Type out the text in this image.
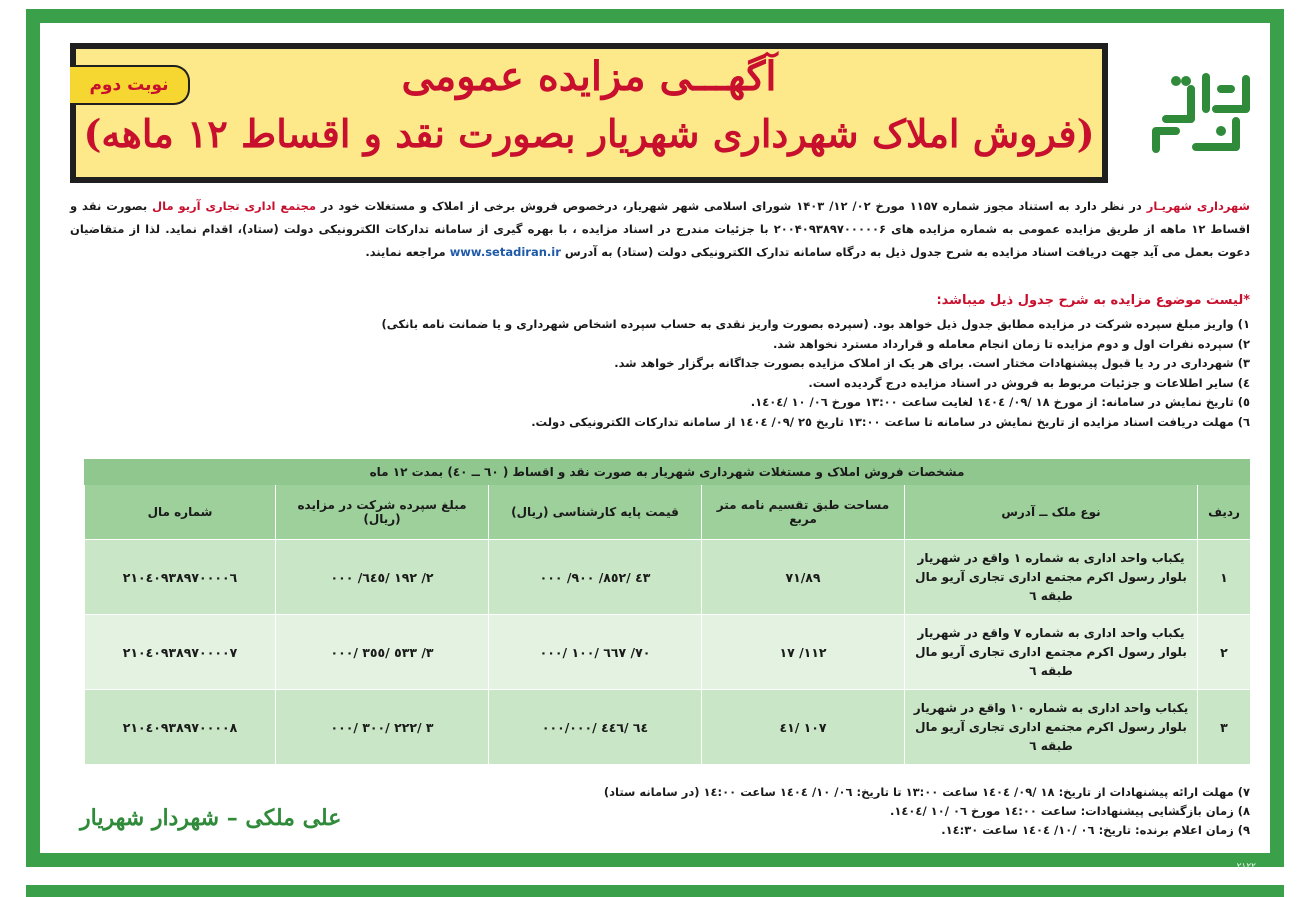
آگهـــی مزایده عمومی
(فروش املاک شهرداری شهریار بصورت نقد و اقساط ۱۲ ماهه)
نوبت دوم
شهرداری شهریـار در نظر دارد به استناد مجوز شماره ۱۱۵۷ مورخ ۰۲/ ۱۲/ ۱۴۰۳ شورای اسلامی شهر شهریار، درخصوص فروش برخی از املاک و مستغلات خود در مجتمع اداری تجاری آریو مال بصورت نقد و اقساط ۱۲ ماهه از طریق مزایده عمومی به شماره مزایده های ۲۰۰۴۰۹۳۸۹۷۰۰۰۰۰۶ با جزئیات مندرج در اسناد مزایده ، با بهره گیری از سامانه تدارکات الکترونیکی دولت (ستاد)، اقدام نماید. لذا از متقاضیان دعوت بعمل می آید جهت دریافت اسناد مزایده به شرح جدول ذیل به درگاه سامانه تدارک الکترونیکی دولت (ستاد) به آدرس www.setadiran.ir مراجعه نمایند.
*لیست موضوع مزایده به شرح جدول ذیل میباشد:
۱) واریز مبلغ سپرده شرکت در مزایده مطابق جدول ذیل خواهد بود. (سپرده بصورت واریز نقدی به حساب سپرده اشخاص شهرداری و یا ضمانت نامه بانکی)
۲) سپرده نفرات اول و دوم مزایده تا زمان انجام معامله و قرارداد مسترد نخواهد شد.
۳) شهرداری در رد یا قبول پیشنهادات مختار است. برای هر یک از املاک مزایده بصورت جداگانه برگزار خواهد شد.
٤) سایر اطلاعات و جزئیات مربوط به فروش در اسناد مزایده درج گردیده است.
٥) تاریخ نمایش در سامانه: از مورخ ۱۸ /۰۹/ ۱٤۰٤ لغایت ساعت ۱۳:۰۰ مورخ ۰٦/ ۱۰ /۱٤۰٤.
٦) مهلت دریافت اسناد مزایده از تاریخ نمایش در سامانه تا ساعت ۱۳:۰۰ تاریخ ۲٥ /۰۹/ ۱٤۰٤ از سامانه تدارکات الکترونیکی دولت.
مشخصات فروش املاک و مستغلات شهرداری شهریار به صورت نقد و اقساط ( ٦۰ ــ ٤۰) بمدت ۱۲ ماه
ردیف	نوع ملک ــ آدرس	مساحت طبق تقسیم نامه متر مربع	قیمت پایه کارشناسی (ریال)	مبلغ سپرده شرکت در مزایده (ریال)	شماره مال
۱	یکباب واحد اداری به شماره ۱ واقع در شهریار بلوار رسول اکرم مجتمع اداری تجاری آریو مال طبقه ٦	۷۱/۸۹	٤۳ /۸٥۲/ ۹۰۰/ ۰۰۰	۲/ ۱۹۲ /٦٤٥/ ۰۰۰	۲۱۰٤۰۹۳۸۹۷۰۰۰۰٦
۲	یکباب واحد اداری به شماره ۷ واقع در شهریار بلوار رسول اکرم مجتمع اداری تجاری آریو مال طبقه ٦	۱۱۲/ ۱۷	۷۰/ ٦٦۷ /۱۰۰ /۰۰۰	۳/ ٥۳۳ /۳٥٥ /۰۰۰	۲۱۰٤۰۹۳۸۹۷۰۰۰۰۷
۳	یکباب واحد اداری به شماره ۱۰ واقع در شهریار بلوار رسول اکرم مجتمع اداری تجاری آریو مال طبقه ٦	۱۰۷ /٤۱	٦٤ /٤٤٦ /۰۰۰/۰۰۰	۳ /۲۲۲ /۳۰۰ /۰۰۰	۲۱۰٤۰۹۳۸۹۷۰۰۰۰۸
۷) مهلت ارائه پیشنهادات از تاریخ: ۱۸ /۰۹/ ۱٤۰٤ ساعت ۱۳:۰۰ تا تاریخ: ۰٦/ ۱۰/ ۱٤۰٤ ساعت ۱٤:۰۰ (در سامانه ستاد)
۸) زمان بازگشایی پیشنهادات: ساعت ۱٤:۰۰ مورخ ۰٦ /۱۰ /۱٤۰٤.
۹) زمان اعلام برنده: تاریخ: ۰٦ /۱۰/ ۱٤۰٤ ساعت ۱٤:۳۰.
علی ملکی – شهردار شهریار
۲۱۲۲
